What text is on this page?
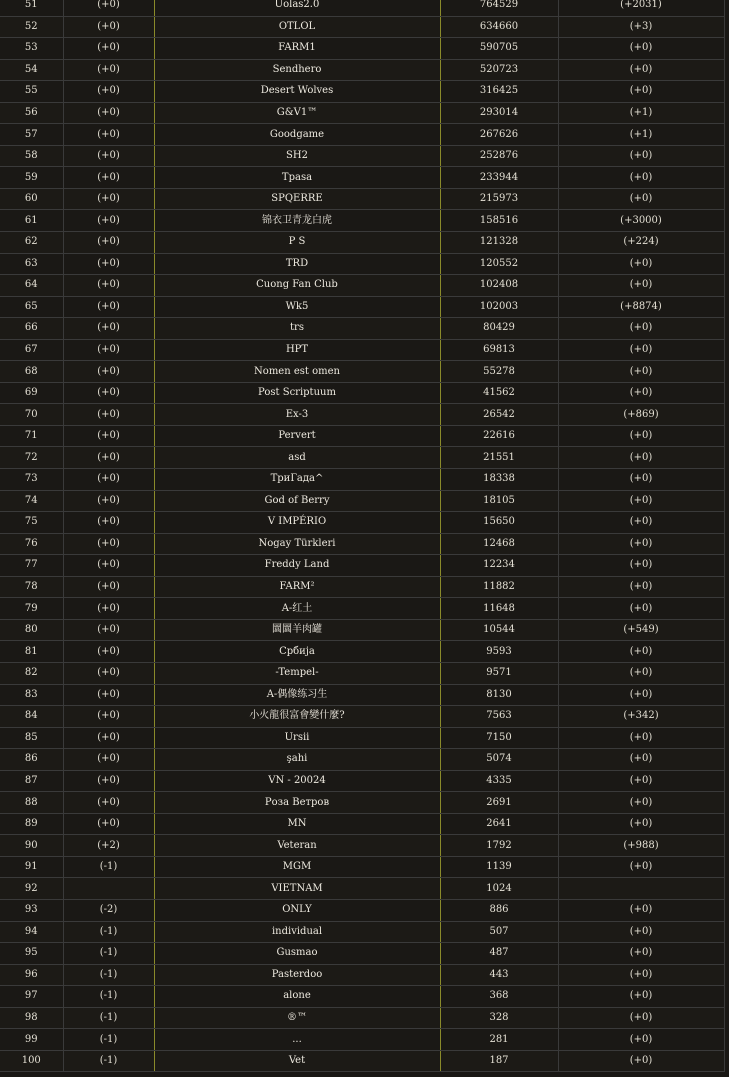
51	(+0)	Uolas2.0	764529	(+2031)
52	(+0)	OTLOL	634660	(+3)
53	(+0)	FARM1	590705	(+0)
54	(+0)	Sendhero	520723	(+0)
55	(+0)	Desert Wolves	316425	(+0)
56	(+0)	G&V1™	293014	(+1)
57	(+0)	Goodgame	267626	(+1)
58	(+0)	SH2	252876	(+0)
59	(+0)	Tpasa	233944	(+0)
60	(+0)	SPQERRE	215973	(+0)
61	(+0)	锦衣卫青龙白虎	158516	(+3000)
62	(+0)	P S	121328	(+224)
63	(+0)	TRD	120552	(+0)
64	(+0)	Cuong Fan Club	102408	(+0)
65	(+0)	Wk5	102003	(+8874)
66	(+0)	trs	80429	(+0)
67	(+0)	HPT	69813	(+0)
68	(+0)	Nomen est omen	55278	(+0)
69	(+0)	Post Scriptuum	41562	(+0)
70	(+0)	Ex-3	26542	(+869)
71	(+0)	Pervert	22616	(+0)
72	(+0)	asd	21551	(+0)
73	(+0)	ТриГада^	18338	(+0)
74	(+0)	God of Berry	18105	(+0)
75	(+0)	V IMPÉRIO	15650	(+0)
76	(+0)	Nogay Türkleri	12468	(+0)
77	(+0)	Freddy Land	12234	(+0)
78	(+0)	FARM²	11882	(+0)
79	(+0)	A-红土	11648	(+0)
80	(+0)	圜圜羊肉罐	10544	(+549)
81	(+0)	Србија	9593	(+0)
82	(+0)	-Tempel-	9571	(+0)
83	(+0)	A-偶像练习生	8130	(+0)
84	(+0)	小火龍很富會變什麼?	7563	(+342)
85	(+0)	Ursii	7150	(+0)
86	(+0)	şahi	5074	(+0)
87	(+0)	VN - 20024	4335	(+0)
88	(+0)	Роза Ветров	2691	(+0)
89	(+0)	MN	2641	(+0)
90	(+2)	Veteran	1792	(+988)
91	(-1)	MGM	1139	(+0)
92		VIETNAM	1024	
93	(-2)	ONLY	886	(+0)
94	(-1)	individual	507	(+0)
95	(-1)	Gusmao	487	(+0)
96	(-1)	Pasterdoo	443	(+0)
97	(-1)	alone	368	(+0)
98	(-1)	®™	328	(+0)
99	(-1)	...	281	(+0)
100	(-1)	Vet	187	(+0)
